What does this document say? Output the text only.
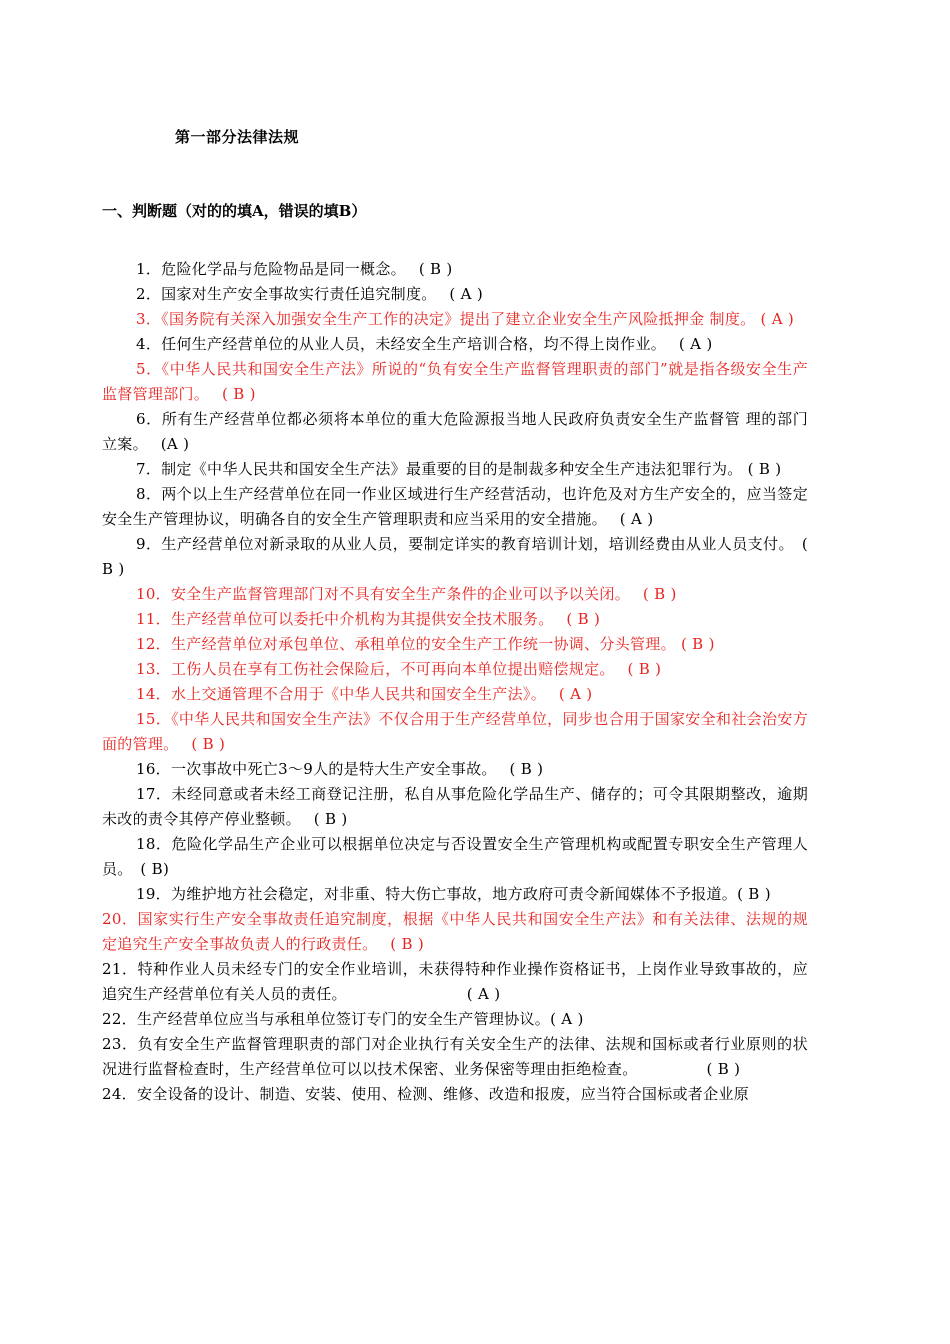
第一部分法律法规
一、判断题（对的的填A，错误的填B）
1．危险化学品与危险物品是同一概念。　 ( B )
2．国家对生产安全事故实行责任追究制度。　 ( A )
3．《国务院有关深入加强安全生产工作的决定》提出了建立企业安全生产风险抵押金 制度。 ( A )
4．任何生产经营单位的从业人员，未经安全生产培训合格，均不得上岗作业。　 ( A )
5．《中华人民共和国安全生产法》所说的“负有安全生产监督管理职责的部门”就是指各级安全生产监督管理部门。　 ( B )
6．所有生产经营单位都必须将本单位的重大危险源报当地人民政府负责安全生产监督管 理的部门立案。　 (A )
7．制定《中华人民共和国安全生产法》最重要的目的是制裁多种安全生产违法犯罪行为。 ( B )
8．两个以上生产经营单位在同一作业区域进行生产经营活动，也许危及对方生产安全的，应当签定安全生产管理协议，明确各自的安全生产管理职责和应当采用的安全措施。　 ( A )
9．生产经营单位对新录取的从业人员，要制定详实的教育培训计划，培训经费由从业人员支付。　( B )
10．安全生产监督管理部门对不具有安全生产条件的企业可以予以关闭。　 ( B )
11．生产经营单位可以委托中介机构为其提供安全技术服务。　 ( B )
12．生产经营单位对承包单位、承租单位的安全生产工作统一协调、分头管理。 ( B )
13．工伤人员在享有工伤社会保险后，不可再向本单位提出赔偿规定。　 ( B )
14．水上交通管理不合用于《中华人民共和国安全生产法》。　 ( A )
15．《中华人民共和国安全生产法》不仅合用于生产经营单位，同步也合用于国家安全和社会治安方面的管理。　 ( B )
16．一次事故中死亡3～9人的是特大生产安全事故。　 ( B )
17．未经同意或者未经工商登记注册，私自从事危险化学品生产、储存的；可令其限期整改，逾期未改的责令其停产停业整顿。　 ( B )
18．危险化学品生产企业可以根据单位决定与否设置安全生产管理机构或配置专职安全生产管理人员。　( B)
19．为维护地方社会稳定，对非重、特大伤亡事故，地方政府可责令新闻媒体不予报道。( B )
20．国家实行生产安全事故责任追究制度，根据《中华人民共和国安全生产法》和有关法律、法规的规定追究生产安全事故负责人的行政责任。　 ( B )
21．特种作业人员未经专门的安全作业培训，未获得特种作业操作资格证书，上岗作业导致事故的，应追究生产经营单位有关人员的责任。　　　　　　　　 ( A )
22．生产经营单位应当与承租单位签订专门的安全生产管理协议。( A )
23．负有安全生产监督管理职责的部门对企业执行有关安全生产的法律、法规和国标或者行业原则的状况进行监督检查时，生产经营单位可以以技术保密、业务保密等理由拒绝检查。　　　　　( B )
24．安全设备的设计、制造、安装、使用、检测、维修、改造和报废，应当符合国标或者企业原
